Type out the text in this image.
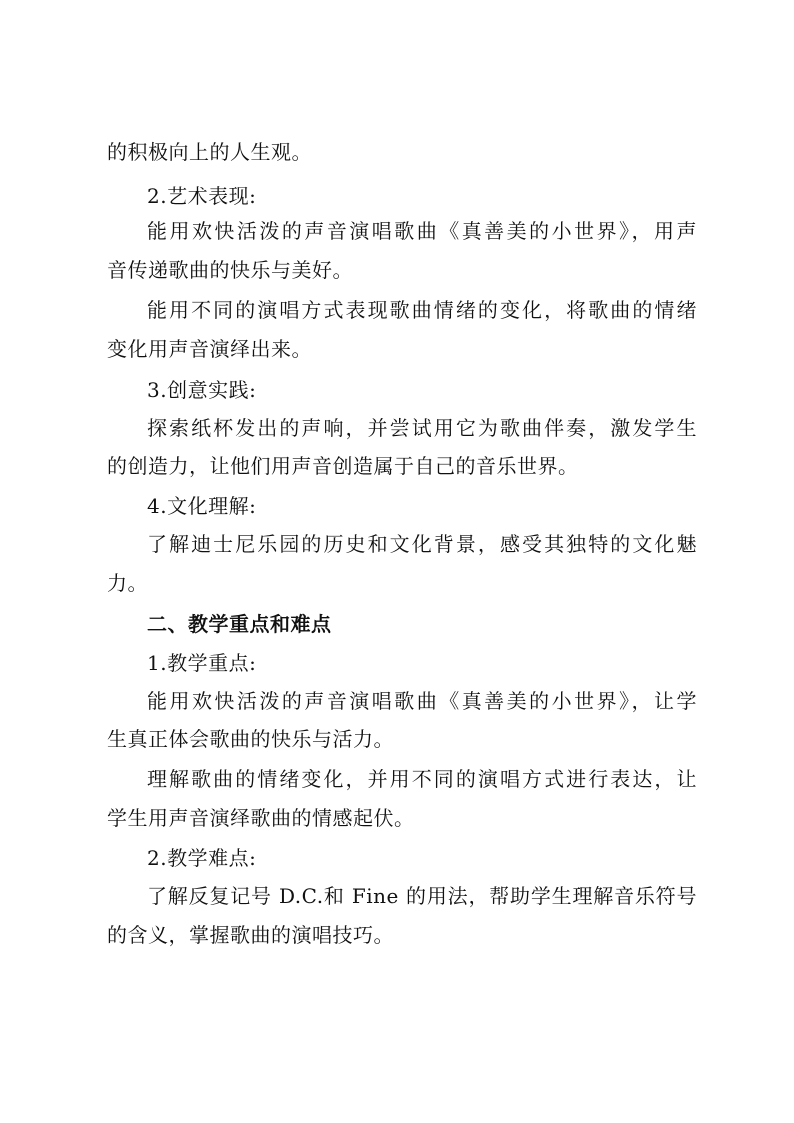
的积极向上的人生观。
2.艺术表现:
能用欢快活泼的声音演唱歌曲《真善美的小世界》，用声
音传递歌曲的快乐与美好。
能用不同的演唱方式表现歌曲情绪的变化，将歌曲的情绪
变化用声音演绎出来。
3.创意实践:
探索纸杯发出的声响，并尝试用它为歌曲伴奏，激发学生
的创造力，让他们用声音创造属于自己的音乐世界。
4.文化理解:
了解迪士尼乐园的历史和文化背景，感受其独特的文化魅
力。
二、教学重点和难点
1.教学重点:
能用欢快活泼的声音演唱歌曲《真善美的小世界》，让学
生真正体会歌曲的快乐与活力。
理解歌曲的情绪变化，并用不同的演唱方式进行表达，让
学生用声音演绎歌曲的情感起伏。
2.教学难点:
了解反复记号 D.C.和 Fine 的用法，帮助学生理解音乐符号
的含义，掌握歌曲的演唱技巧。
